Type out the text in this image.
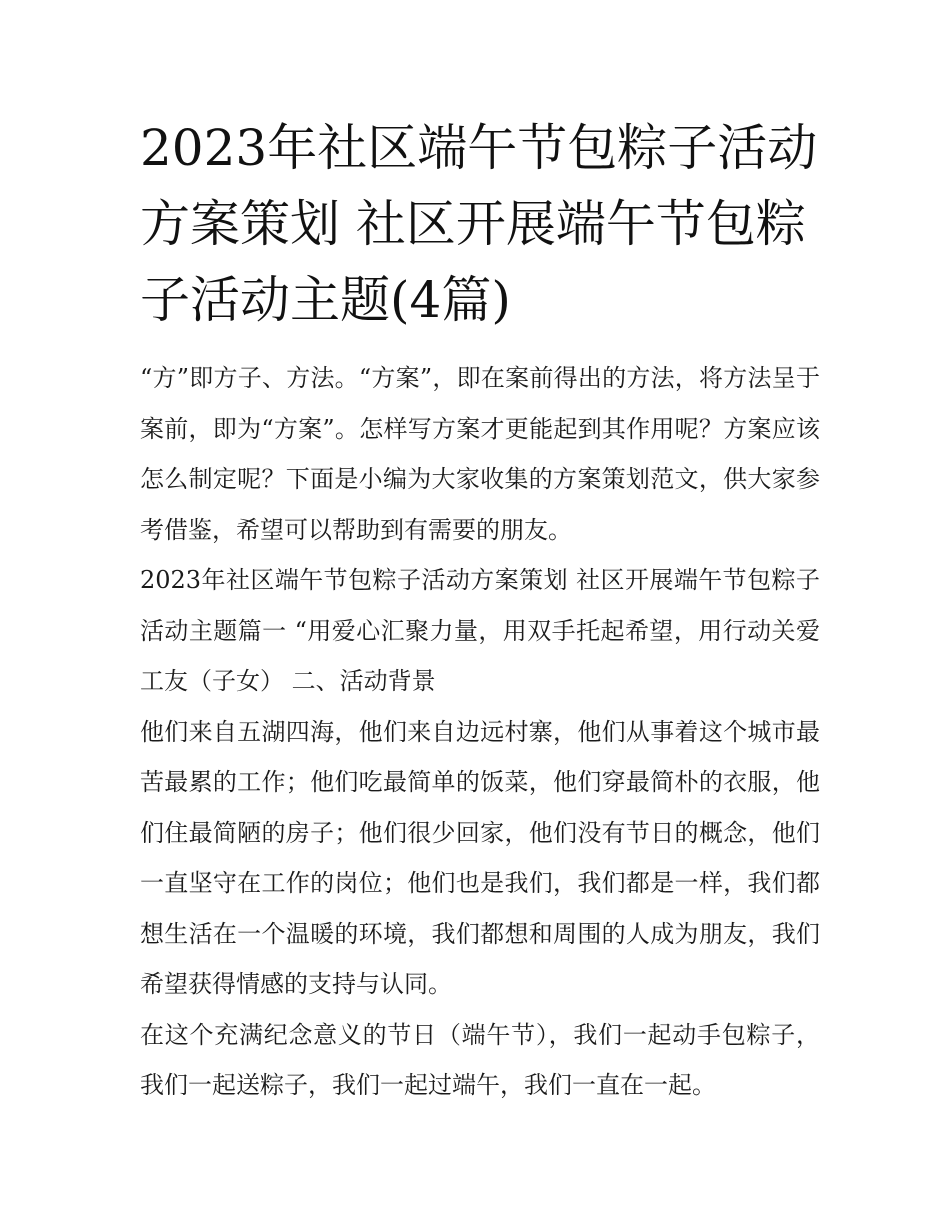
2023年社区端午节包粽子活动方案策划 社区开展端午节包粽子活动主题(4篇)

“方”即方子、方法。“方案”，即在案前得出的方法，将方法呈于案前，即为“方案”。怎样写方案才更能起到其作用呢？方案应该怎么制定呢？下面是小编为大家收集的方案策划范文，供大家参考借鉴，希望可以帮助到有需要的朋友。

2023年社区端午节包粽子活动方案策划 社区开展端午节包粽子活动主题篇一 “用爱心汇聚力量，用双手托起希望，用行动关爱工友（子女） 二、活动背景

他们来自五湖四海，他们来自边远村寨，他们从事着这个城市最苦最累的工作；他们吃最简单的饭菜，他们穿最简朴的衣服，他们住最简陋的房子；他们很少回家，他们没有节日的概念，他们一直坚守在工作的岗位；他们也是我们，我们都是一样，我们都想生活在一个温暖的环境，我们都想和周围的人成为朋友，我们希望获得情感的支持与认同。

在这个充满纪念意义的节日（端午节），我们一起动手包粽子，我们一起送粽子，我们一起过端午，我们一直在一起。
